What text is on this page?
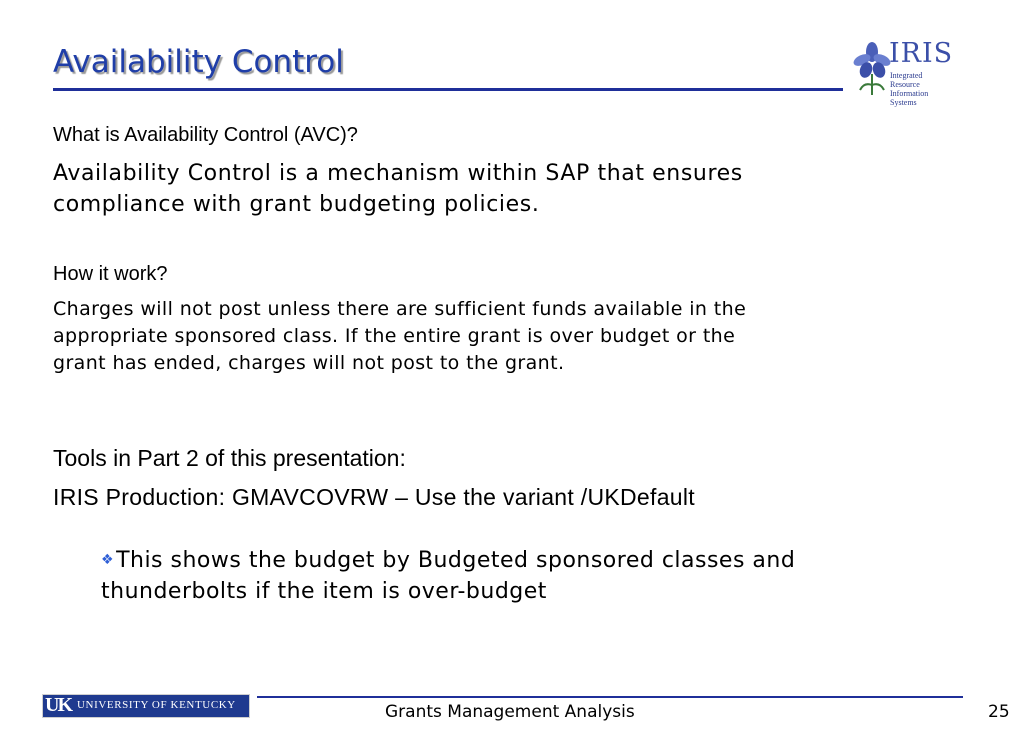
Availability Control	IRIS
Integrated Resource
Information Systems
What is Availability Control (AVC)?
Availability Control is a mechanism within SAP that ensures
compliance with grant budgeting policies.
How it work?
Charges will not post unless there are sufficient funds available in the
appropriate sponsored class. If the entire grant is over budget or the
grant has ended, charges will not post to the grant.
Tools in Part 2 of this presentation:
IRIS Production: GMAVCOVRW – Use the variant /UKDefault
❖This shows the budget by Budgeted sponsored classes and
thunderbolts if the item is over-budget
UK UNIVERSITY OF KENTUCKY	Grants Management Analysis	25
